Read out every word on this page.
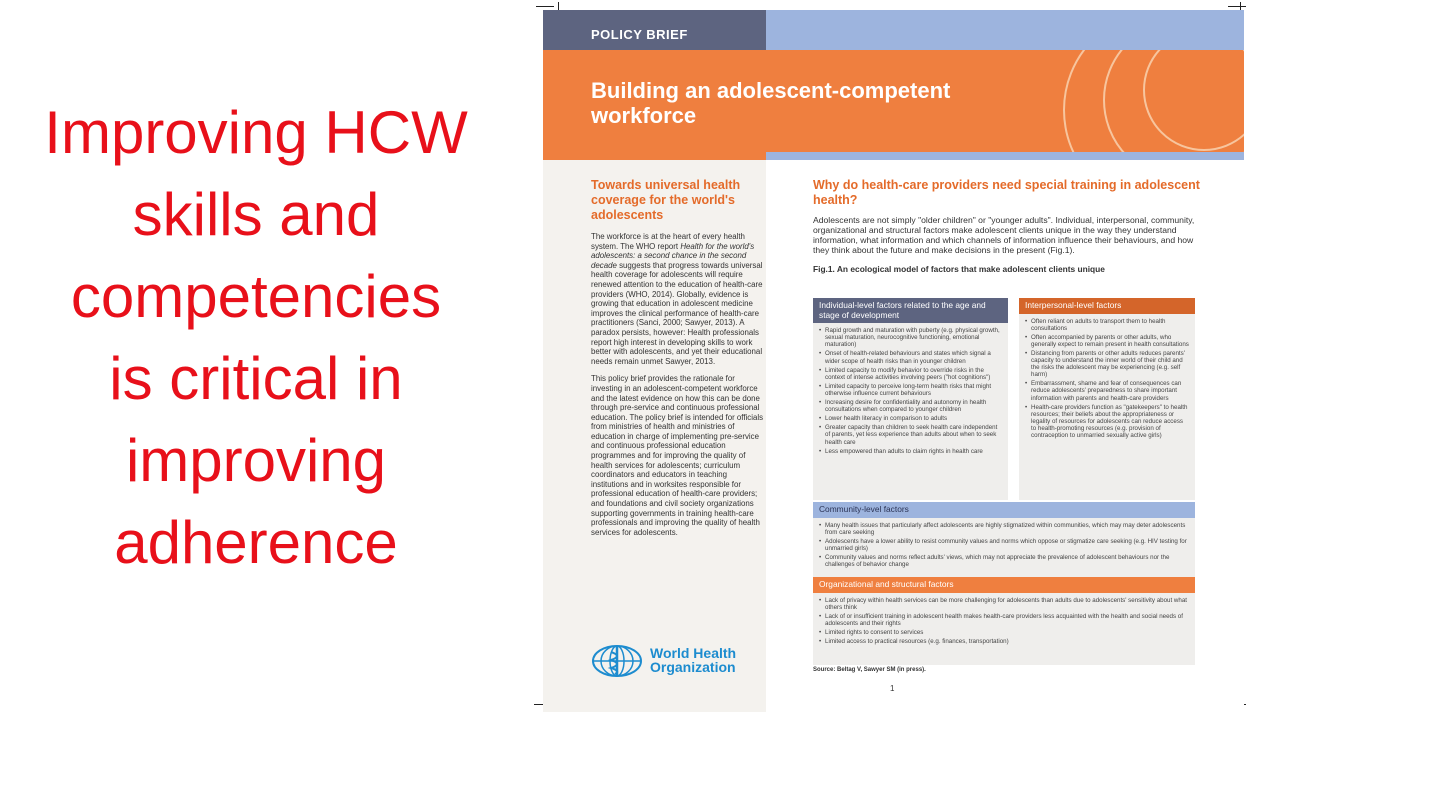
Improving HCW
skills and
competencies
is critical in
improving
adherence
POLICY BRIEF
Building an adolescent-competent
workforce
Towards universal health coverage for the world's adolescents

The workforce is at the heart of every health system. The WHO report Health for the world's adolescents: a second chance in the second decade suggests that progress towards universal health coverage for adolescents will require renewed attention to the education of health-care providers (WHO, 2014). Globally, evidence is growing that education in adolescent medicine improves the clinical performance of health-care practitioners (Sanci, 2000; Sawyer, 2013). A paradox persists, however: Health professionals report high interest in developing skills to work better with adolescents, and yet their educational needs remain unmet Sawyer, 2013.

This policy brief provides the rationale for investing in an adolescent-competent workforce and the latest evidence on how this can be done through pre-service and continuous professional education. The policy brief is intended for officials from ministries of health and ministries of education in charge of implementing pre-service and continuous professional education programmes and for improving the quality of health services for adolescents; curriculum coordinators and educators in teaching institutions and in worksites responsible for professional education of health-care providers; and foundations and civil society organizations supporting governments in training health-care professionals and improving the quality of health services for adolescents.

World Health
Organization
Why do health-care providers need special training in adolescent health?

Adolescents are not simply "older children" or "younger adults". Individual, interpersonal, community, organizational and structural factors make adolescent clients unique in the way they understand information, what information and which channels of information influence their behaviours, and how they think about the future and make decisions in the present (Fig.1).

Fig.1. An ecological model of factors that make adolescent clients unique

Individual-level factors related to the age and stage of development
• Rapid growth and maturation with puberty (e.g. physical growth, sexual maturation, neurocognitive functioning, emotional maturation)
• Onset of health-related behaviours and states which signal a wider scope of health risks than in younger children
• Limited capacity to modify behavior to override risks in the context of intense activities involving peers ("hot cognitions")
• Limited capacity to perceive long-term health risks that might otherwise influence current behaviours
• Increasing desire for confidentiality and autonomy in health consultations when compared to younger children
• Lower health literacy in comparison to adults
• Greater capacity than children to seek health care independent of parents, yet less experience than adults about when to seek health care
• Less empowered than adults to claim rights in health care
Interpersonal-level factors
• Often reliant on adults to transport them to health consultations
• Often accompanied by parents or other adults, who generally expect to remain present in health consultations
• Distancing from parents or other adults reduces parents' capacity to understand the inner world of their child and the risks the adolescent may be experiencing (e.g. self harm)
• Embarrassment, shame and fear of consequences can reduce adolescents' preparedness to share important information with parents and health-care providers
• Health-care providers function as "gatekeepers" to health resources; their beliefs about the appropriateness or legality of resources for adolescents can reduce access to health-promoting resources (e.g. provision of contraception to unmarried sexually active girls)
Community-level factors
• Many health issues that particularly affect adolescents are highly stigmatized within communities, which may may deter adolescents from care seeking
• Adolescents have a lower ability to resist community values and norms which oppose or stigmatize care seeking (e.g. HIV testing for unmarried girls)
• Community values and norms reflect adults' views, which may not appreciate the prevalence of adolescent behaviours nor the challenges of behavior change
Organizational and structural factors
• Lack of privacy within health services can be more challenging for adolescents than adults due to adolescents' sensitivity about what others think
• Lack of or insufficient training in adolescent health makes health-care providers less acquainted with the health and social needs of adolescents and their rights
• Limited rights to consent to services
• Limited access to practical resources (e.g. finances, transportation)
Source: Beltag V, Sawyer SM (in press).
1
